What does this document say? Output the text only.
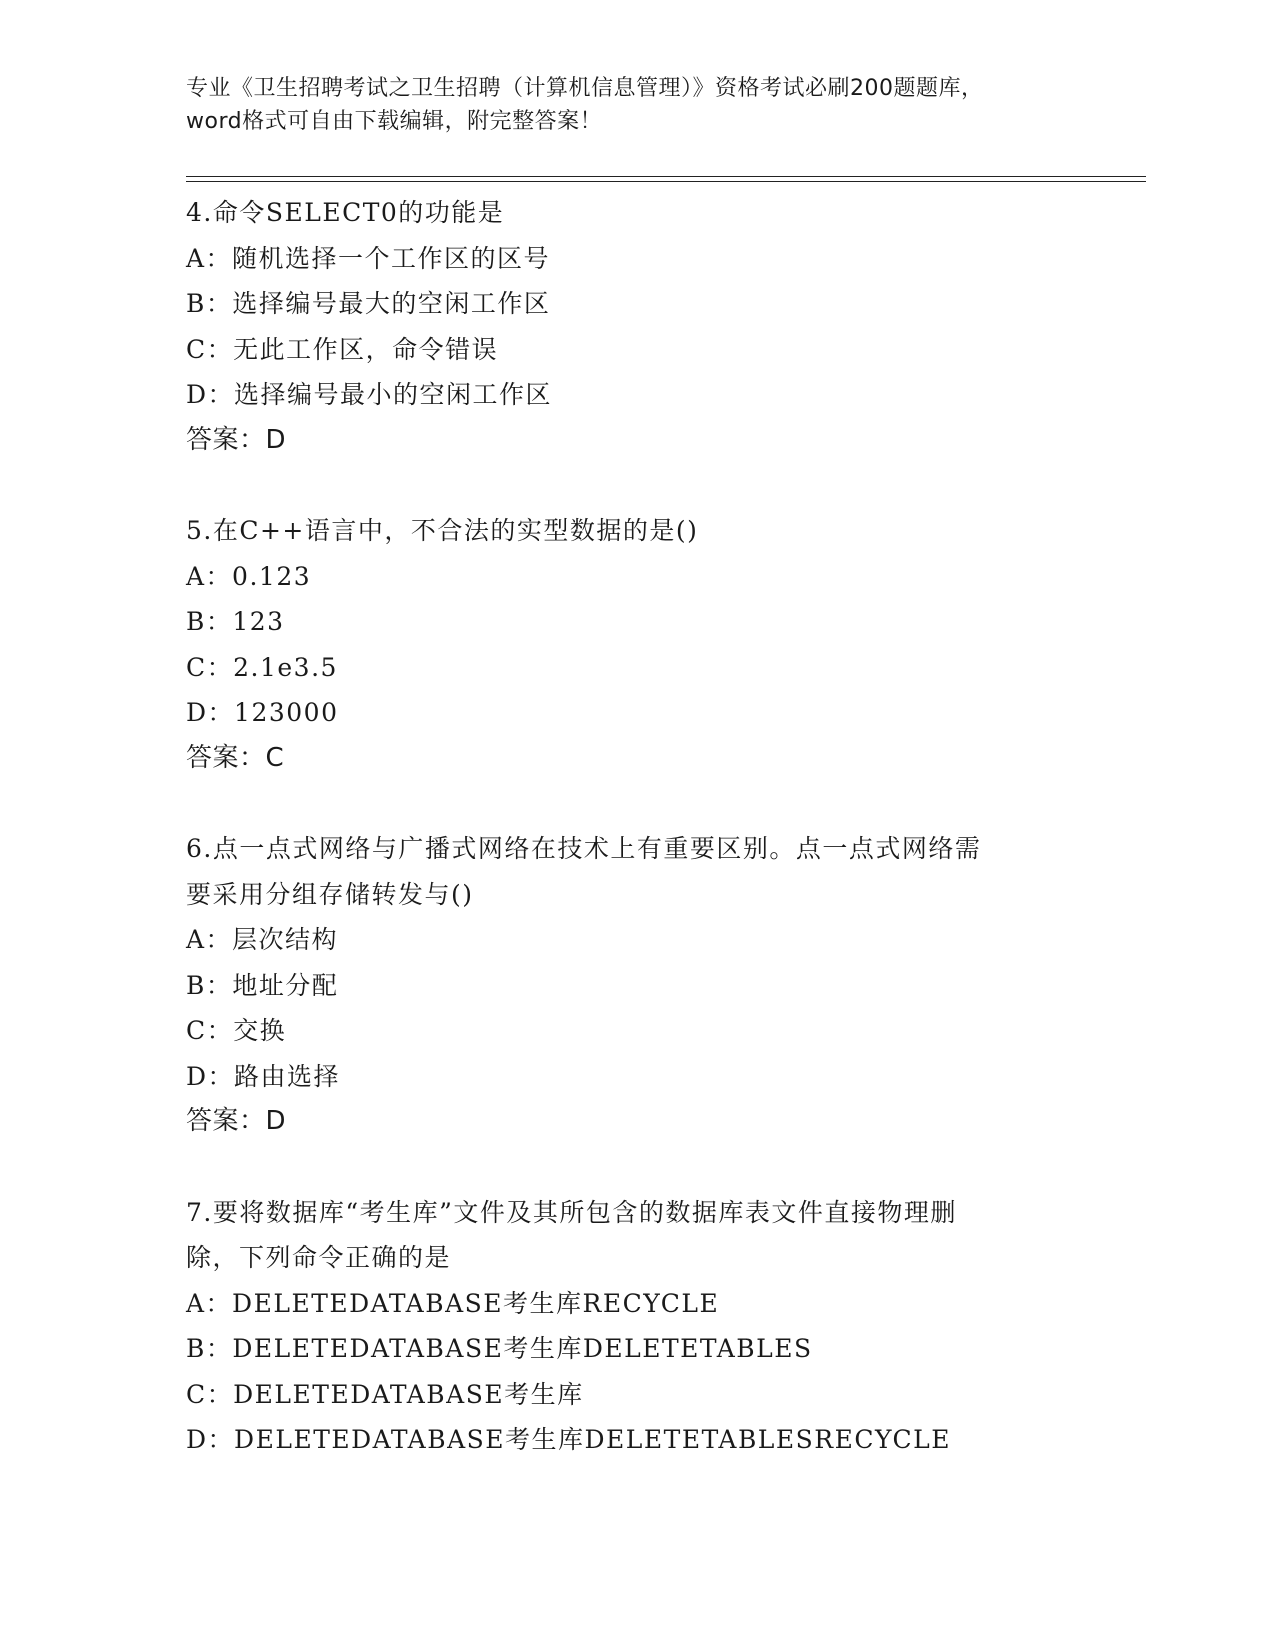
专业《卫生招聘考试之卫生招聘（计算机信息管理）》资格考试必刷200题题库，
word格式可自由下载编辑，附完整答案！

4.命令SELECT0的功能是

A：随机选择一个工作区的区号

B：选择编号最大的空闲工作区

C：无此工作区，命令错误

D：选择编号最小的空闲工作区

答案：D

5.在C++语言中，不合法的实型数据的是()

A：0.123

B：123

C：2.1e3.5

D：123000

答案：C

6.点一点式网络与广播式网络在技术上有重要区别。点一点式网络需

要采用分组存储转发与()

A：层次结构

B：地址分配

C：交换

D：路由选择

答案：D

7.要将数据库“考生库”文件及其所包含的数据库表文件直接物理删

除，下列命令正确的是

A：DELETEDATABASE考生库RECYCLE

B：DELETEDATABASE考生库DELETETABLES

C：DELETEDATABASE考生库

D：DELETEDATABASE考生库DELETETABLESRECYCLE
